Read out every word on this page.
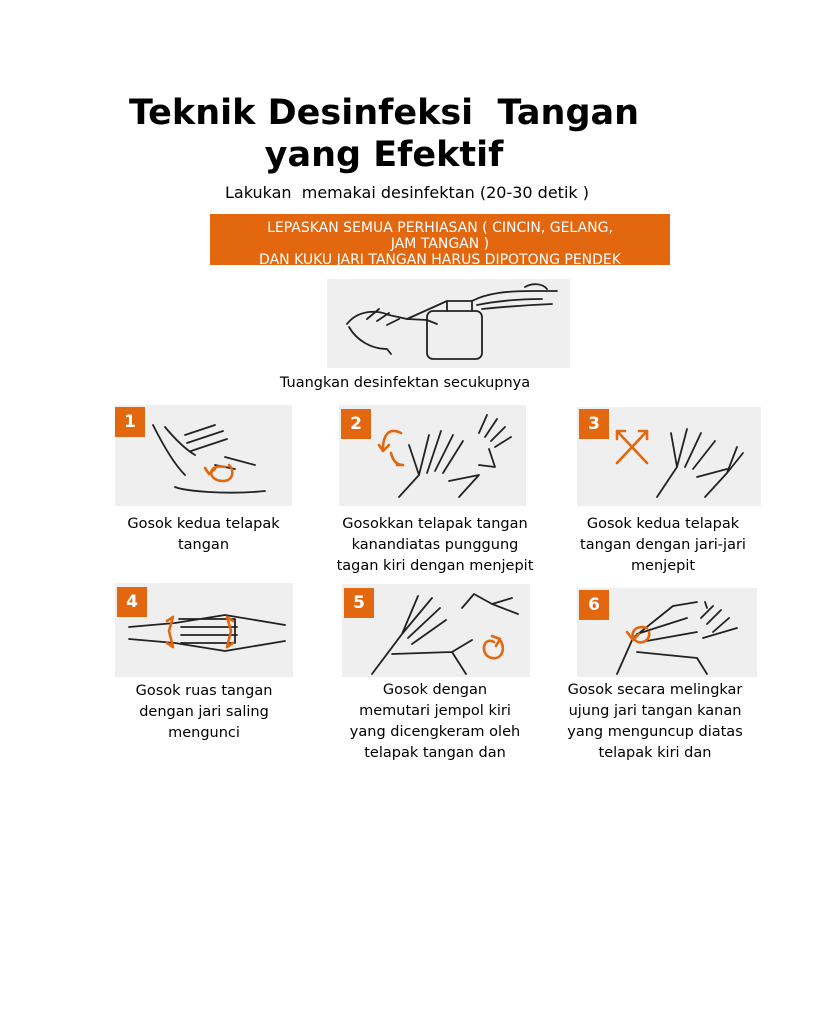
Teknik Desinfeksi  Tangan
yang Efektif
Lakukan  memakai desinfektan (20-30 detik )
LEPASKAN SEMUA PERHIASAN ( CINCIN, GELANG,
JAM TANGAN )
DAN KUKU JARI TANGAN HARUS DIPOTONG PENDEK
Tuangkan desinfektan secukupnya
1
Gosok kedua telapak
tangan
2
Gosokkan telapak tangan
kanandiatas punggung
tagan kiri dengan menjepit
3
Gosok kedua telapak
tangan dengan jari-jari
menjepit
4
Gosok ruas tangan
dengan jari saling
mengunci
5
Gosok dengan
memutari jempol kiri
yang dicengkeram oleh
telapak tangan dan
6
Gosok secara melingkar
ujung jari tangan kanan
yang menguncup diatas
telapak kiri dan
